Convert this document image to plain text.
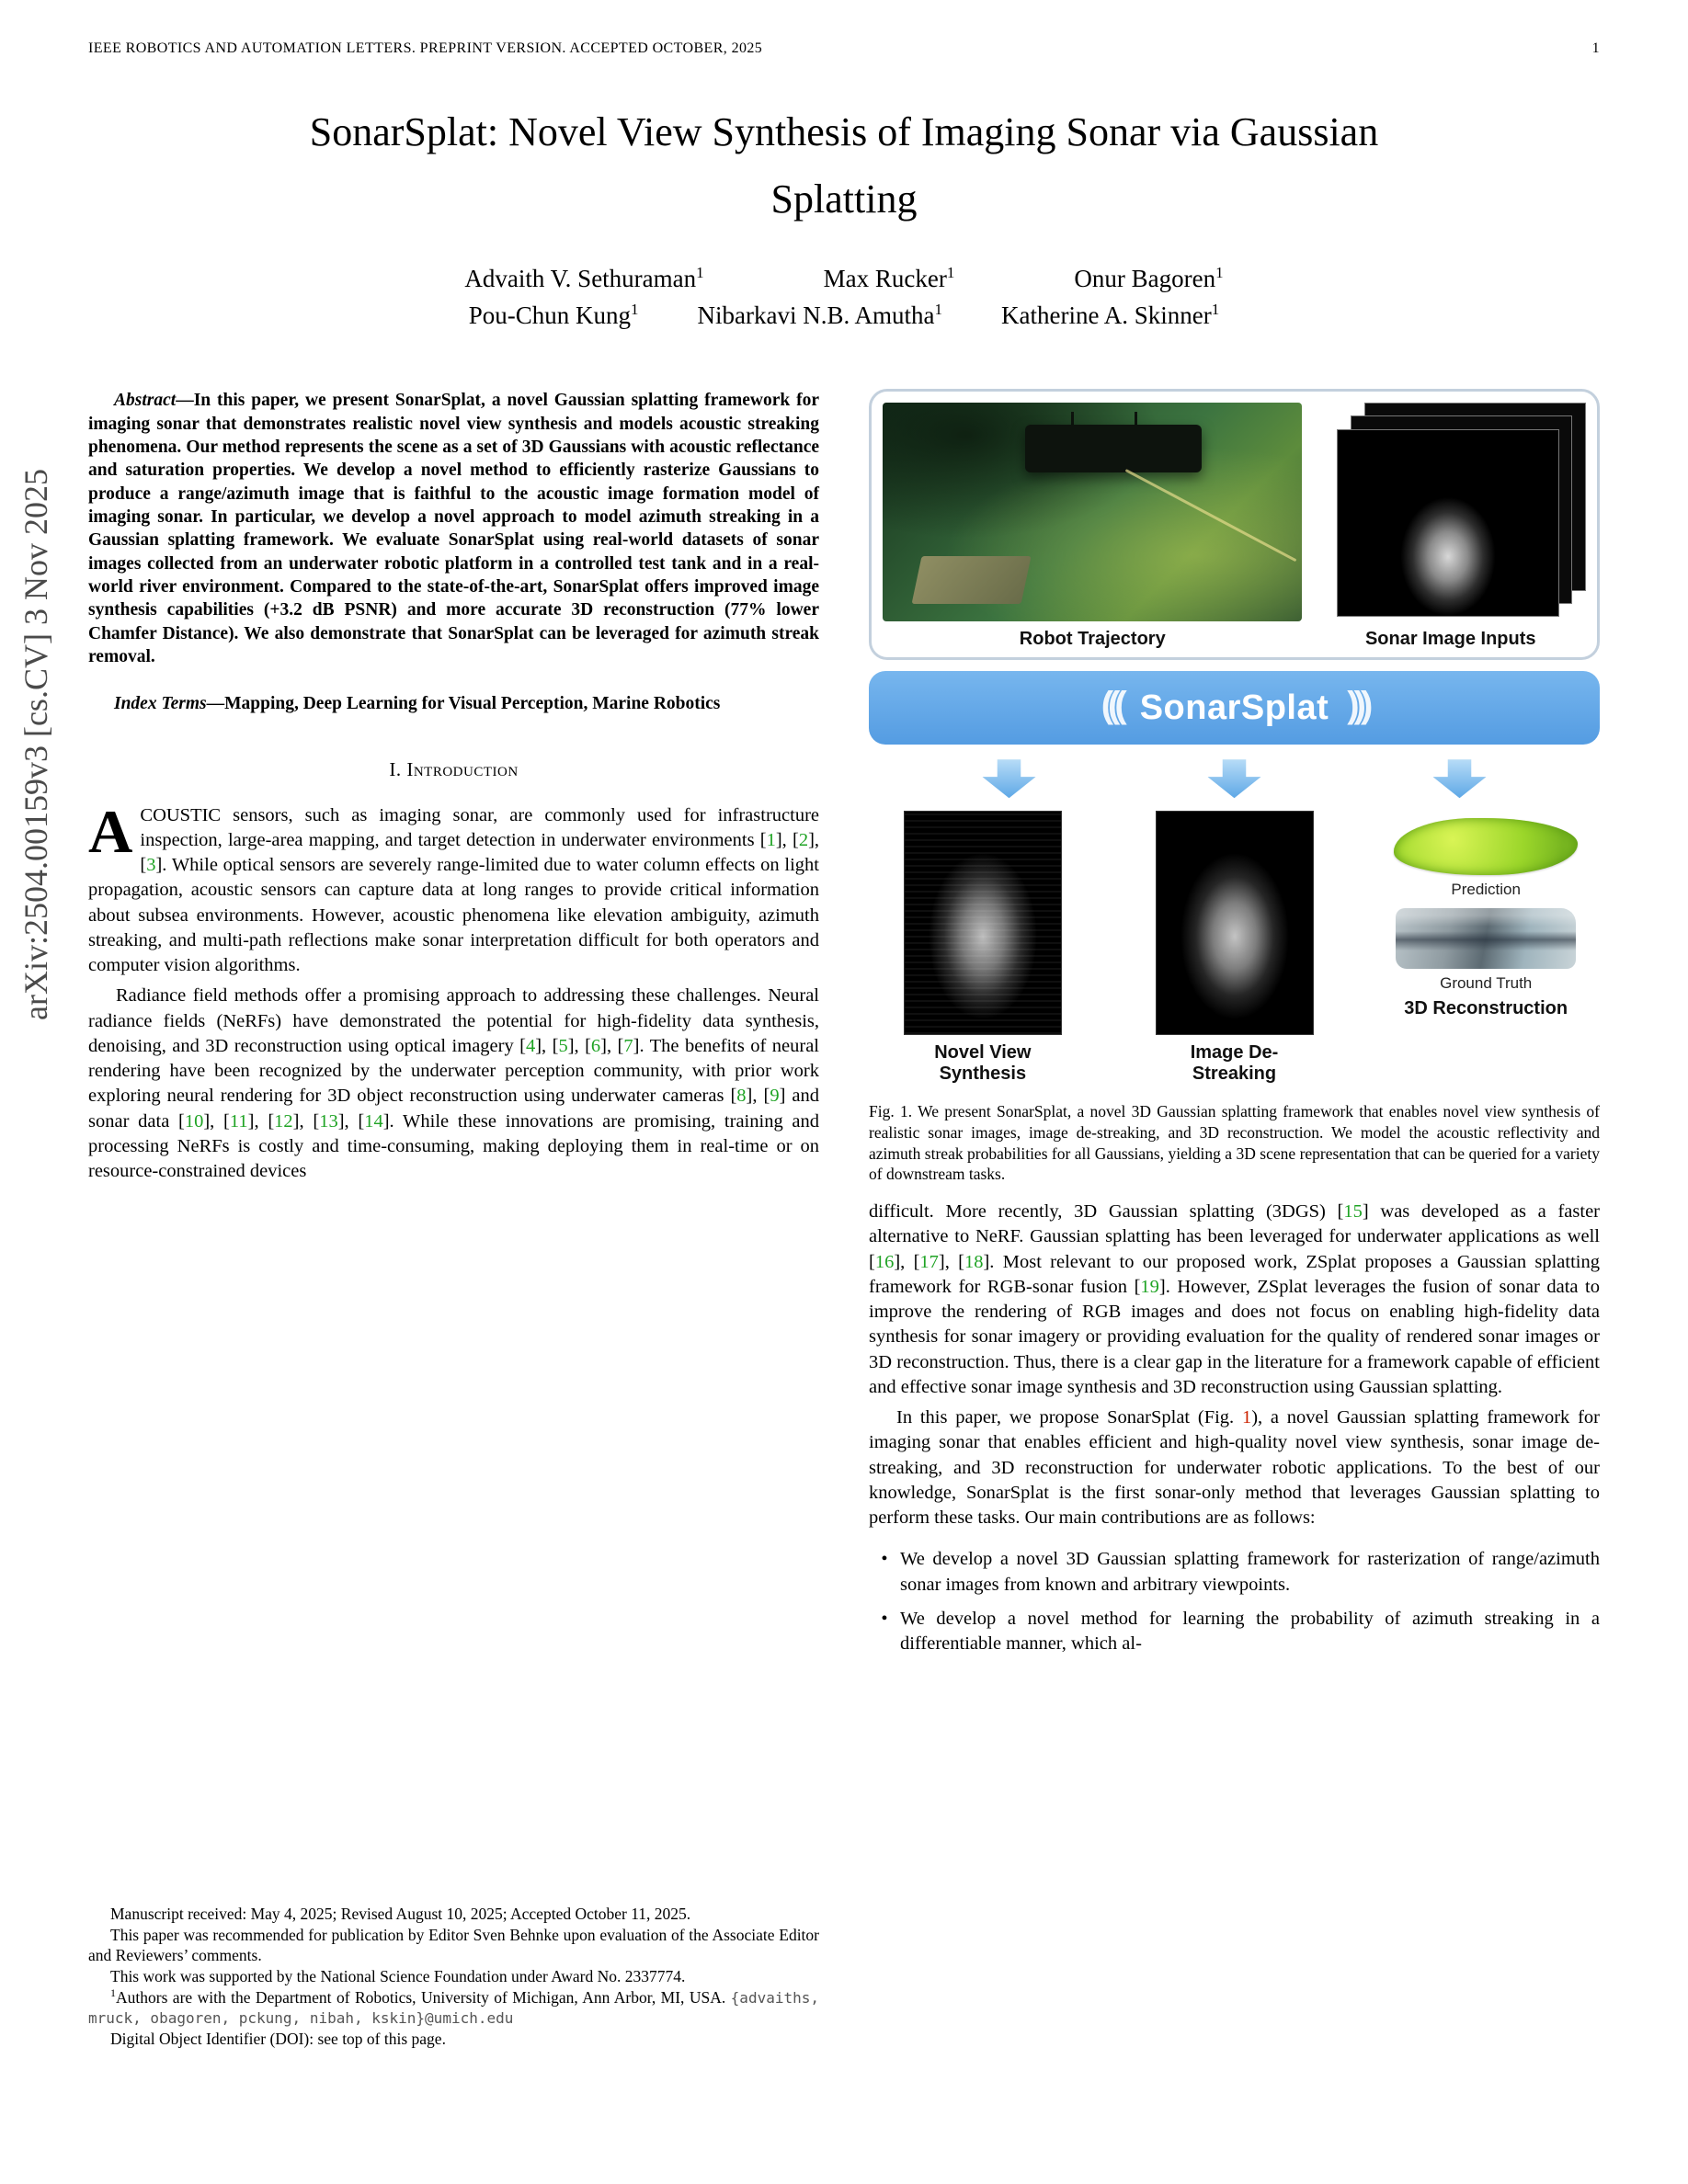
IEEE ROBOTICS AND AUTOMATION LETTERS. PREPRINT VERSION. ACCEPTED OCTOBER, 2025	1
arXiv:2504.00159v3 [cs.CV] 3 Nov 2025
SonarSplat: Novel View Synthesis of Imaging Sonar via Gaussian
Splatting
Advaith V. Sethuraman$^1$	Max Rucker$^1$	Onur Bagoren$^1$
Pou-Chun Kung$^1$ Nibarkavi N.B. Amutha$^1$ Katherine A. Skinner$^1$

Abstract—In this paper, we present SonarSplat, a novel Gaussian splatting framework for imaging sonar that demonstrates realistic novel view synthesis and models acoustic streaking phenomena. Our method represents the scene as a set of 3D Gaussians with acoustic reflectance and saturation properties. We develop a novel method to efficiently rasterize Gaussians to produce a range/azimuth image that is faithful to the acoustic image formation model of imaging sonar. In particular, we develop a novel approach to model azimuth streaking in a Gaussian splatting framework. We evaluate SonarSplat using real-world datasets of sonar images collected from an underwater robotic platform in a controlled test tank and in a real-world river environment. Compared to the state-of-the-art, SonarSplat offers improved image synthesis capabilities (+3.2 dB PSNR) and more accurate 3D reconstruction (77% lower Chamfer Distance). We also demonstrate that SonarSplat can be leveraged for azimuth streak removal.

Index Terms—Mapping, Deep Learning for Visual Perception, Marine Robotics

I. Introduction

ACOUSTIC sensors, such as imaging sonar, are commonly used for infrastructure inspection, large-area mapping, and target detection in underwater environments [1], [2], [3]. While optical sensors are severely range-limited due to water column effects on light propagation, acoustic sensors can capture data at long ranges to provide critical information about subsea environments. However, acoustic phenomena like elevation ambiguity, azimuth streaking, and multi-path reflections make sonar interpretation difficult for both operators and computer vision algorithms.

Radiance field methods offer a promising approach to addressing these challenges. Neural radiance fields (NeRFs) have demonstrated the potential for high-fidelity data synthesis, denoising, and 3D reconstruction using optical imagery [4], [5], [6], [7]. The benefits of neural rendering have been recognized by the underwater perception community, with prior work exploring neural rendering for 3D object reconstruction using underwater cameras [8], [9] and sonar data [10], [11], [12], [13], [14]. While these innovations are promising, training and processing NeRFs is costly and time-consuming, making deploying them in real-time or on resource-constrained devices

Manuscript received: May 4, 2025; Revised August 10, 2025; Accepted October 11, 2025.

This paper was recommended for publication by Editor Sven Behnke upon evaluation of the Associate Editor and Reviewers’ comments.

This work was supported by the National Science Foundation under Award No. 2337774.

$^1$Authors are with the Department of Robotics, University of Michigan, Ann Arbor, MI, USA. {advaiths, mruck, obagoren, pckung, nibah, kskin}@umich.edu

Digital Object Identifier (DOI): see top of this page.

Robot Trajectory	Sonar Image Inputs
((( SonarSplat )))
Novel View Synthesis
Image De-Streaking
Prediction
Ground Truth
3D Reconstruction

Fig. 1. We present SonarSplat, a novel 3D Gaussian splatting framework that enables novel view synthesis of realistic sonar images, image de-streaking, and 3D reconstruction. We model the acoustic reflectivity and azimuth streak probabilities for all Gaussians, yielding a 3D scene representation that can be queried for a variety of downstream tasks.

difficult. More recently, 3D Gaussian splatting (3DGS) [15] was developed as a faster alternative to NeRF. Gaussian splatting has been leveraged for underwater applications as well [16], [17], [18]. Most relevant to our proposed work, ZSplat proposes a Gaussian splatting framework for RGB-sonar fusion [19]. However, ZSplat leverages the fusion of sonar data to improve the rendering of RGB images and does not focus on enabling high-fidelity data synthesis for sonar imagery or providing evaluation for the quality of rendered sonar images or 3D reconstruction. Thus, there is a clear gap in the literature for a framework capable of efficient and effective sonar image synthesis and 3D reconstruction using Gaussian splatting.

In this paper, we propose SonarSplat (Fig. 1), a novel Gaussian splatting framework for imaging sonar that enables efficient and high-quality novel view synthesis, sonar image de-streaking, and 3D reconstruction for underwater robotic applications. To the best of our knowledge, SonarSplat is the first sonar-only method that leverages Gaussian splatting to perform these tasks. Our main contributions are as follows:

• We develop a novel 3D Gaussian splatting framework for rasterization of range/azimuth sonar images from known and arbitrary viewpoints.
• We develop a novel method for learning the probability of azimuth streaking in a differentiable manner, which al-
